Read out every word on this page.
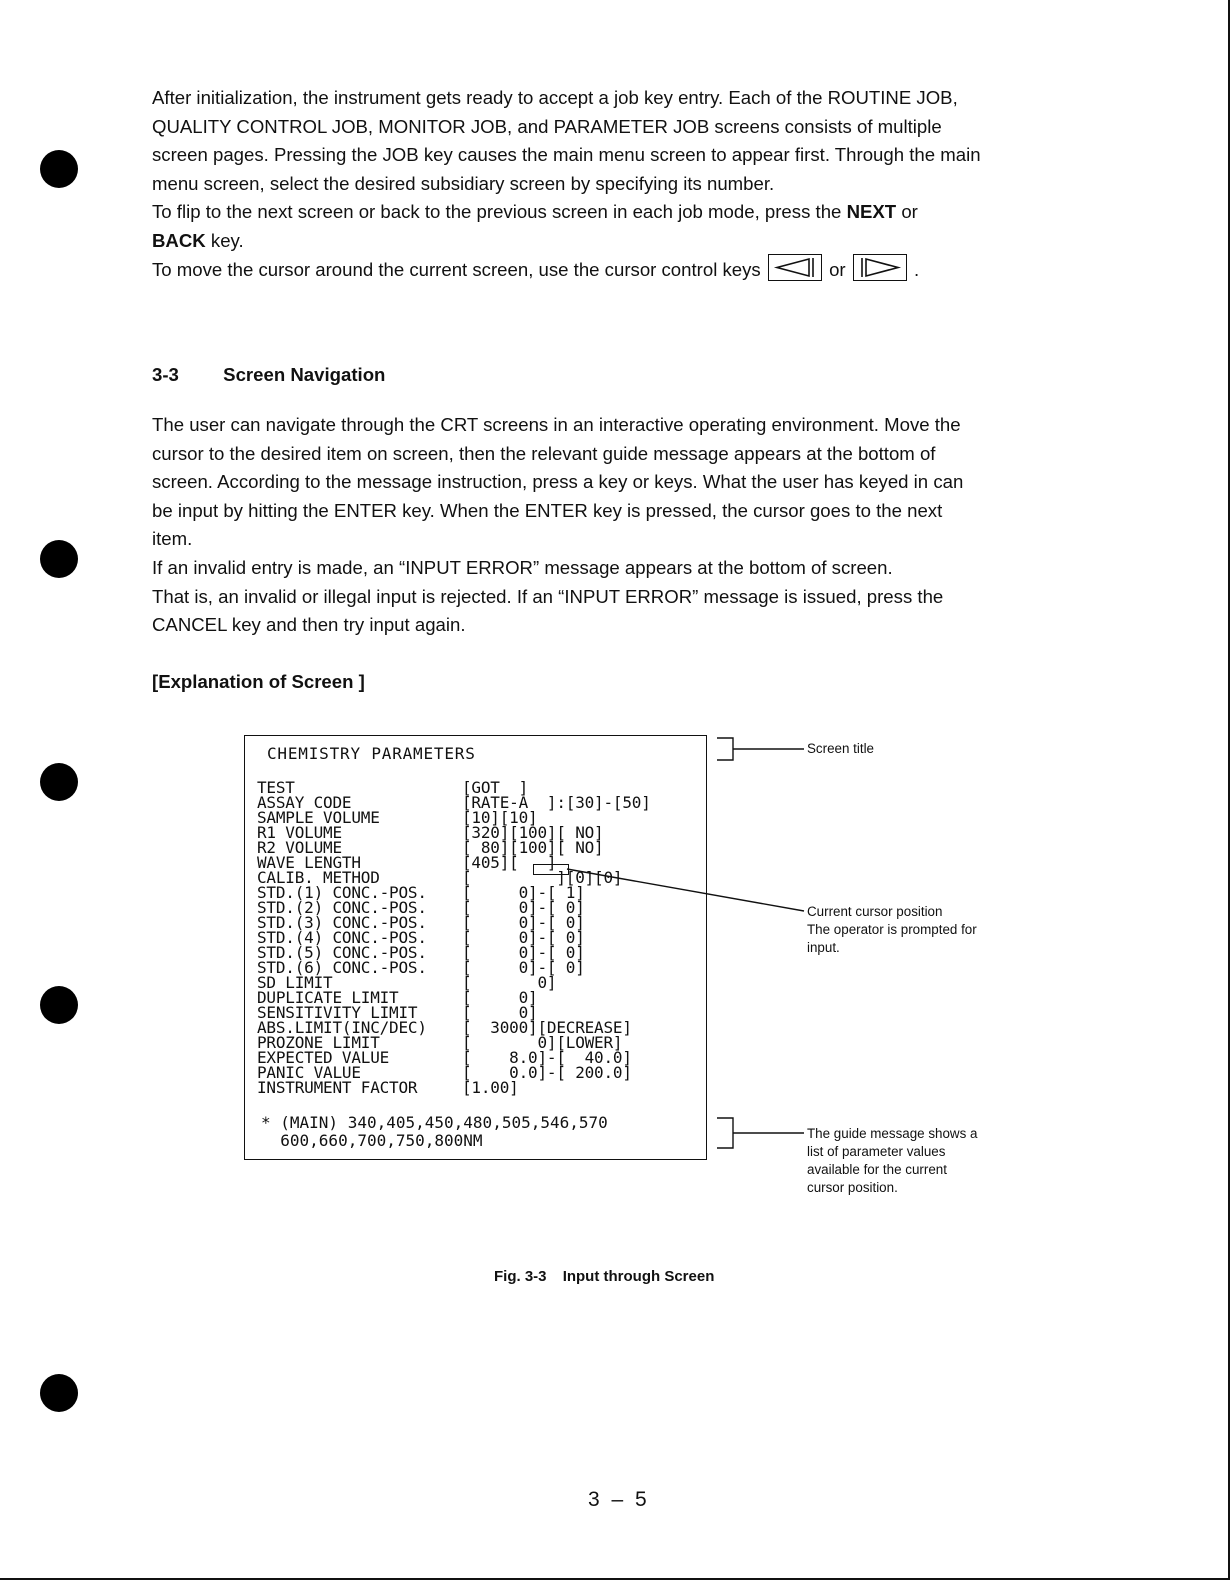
After initialization, the instrument gets ready to accept a job key entry. Each of the ROUTINE JOB,
QUALITY CONTROL JOB, MONITOR JOB, and PARAMETER JOB screens consists of multiple
screen pages. Pressing the JOB key causes the main menu screen to appear first. Through the main
menu screen, select the desired subsidiary screen by specifying its number.
To flip to the next screen or back to the previous screen in each job mode, press the NEXT or
BACK key.
To move the cursor around the current screen, use the cursor control keys	or	.
3-3 Screen Navigation
The user can navigate through the CRT screens in an interactive operating environment. Move the
cursor to the desired item on screen, then the relevant guide message appears at the bottom of
screen. According to the message instruction, press a key or keys. What the user has keyed in can
be input by hitting the ENTER key. When the ENTER key is pressed, the cursor goes to the next
item.
If an invalid entry is made, an “INPUT ERROR” message appears at the bottom of screen.
That is, an invalid or illegal input is rejected. If an “INPUT ERROR” message is issued, press the
CANCEL key and then try input again.
[Explanation of Screen ]
CHEMISTRY PARAMETERS
TEST	[GOT  ]
ASSAY CODE	[RATE-A  ]:[30]-[50]
SAMPLE VOLUME	[10][10]
R1 VOLUME	[320][100][ NO]
R2 VOLUME	[ 80][100][ NO]
WAVE LENGTH	[405][   ]
CALIB. METHOD	[         ][0][0]
STD.(1) CONC.-POS. [     0]-[ 1]
STD.(2) CONC.-POS. [     0]-[ 0]
STD.(3) CONC.-POS. [     0]-[ 0]
STD.(4) CONC.-POS. [     0]-[ 0]
STD.(5) CONC.-POS. [     0]-[ 0]
STD.(6) CONC.-POS. [     0]-[ 0]
SD LIMIT	[       0]
DUPLICATE LIMIT	[     0]
SENSITIVITY LIMIT	[     0]
ABS.LIMIT(INC/DEC) [  3000][DECREASE]
PROZONE LIMIT	[       0][LOWER]
EXPECTED VALUE	[    8.0]-[  40.0]
PANIC VALUE	[    0.0]-[ 200.0]
INSTRUMENT FACTOR	[1.00]
* (MAIN) 340,405,450,480,505,546,570
600,660,700,750,800NM
Screen title
Current cursor position
The operator is prompted for
input.
The guide message shows a
list of parameter values
available for the current
cursor position.
Fig. 3-3 Input through Screen
3 – 5
